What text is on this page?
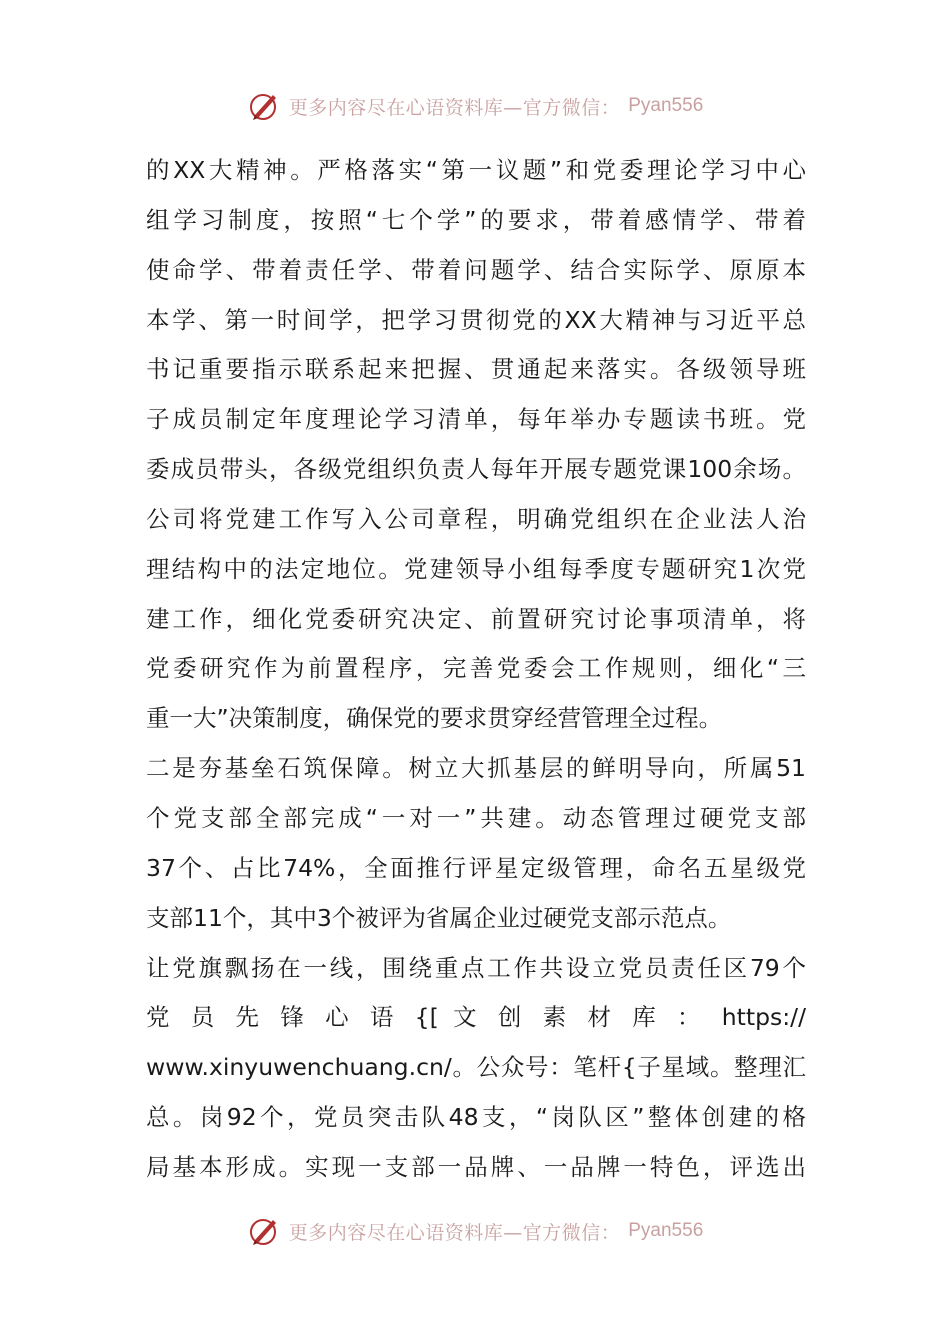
更多内容尽在心语资料库—官方微信： Pyan556
的XX大精神。严格落实“第一议题”和党委理论学习中心
组学习制度，按照“七个学”的要求，带着感情学、带着
使命学、带着责任学、带着问题学、结合实际学、原原本
本学、第一时间学，把学习贯彻党的XX大精神与习近平总
书记重要指示联系起来把握、贯通起来落实。各级领导班
子成员制定年度理论学习清单，每年举办专题读书班。党
委成员带头，各级党组织负责人每年开展专题党课100余场。
公司将党建工作写入公司章程，明确党组织在企业法人治
理结构中的法定地位。党建领导小组每季度专题研究1次党
建工作，细化党委研究决定、前置研究讨论事项清单，将
党委研究作为前置程序，完善党委会工作规则，细化“三
重一大”决策制度，确保党的要求贯穿经营管理全过程。
二是夯基垒石筑保障。树立大抓基层的鲜明导向，所属51
个党支部全部完成“一对一”共建。动态管理过硬党支部
37个、占比74%，全面推行评星定级管理，命名五星级党
支部11个，其中3个被评为省属企业过硬党支部示范点。
让党旗飘扬在一线，围绕重点工作共设立党员责任区79个
党 员 先 锋 心 语 {[ 文 创 素 材 库 ： https://
www.xinyuwenchuang.cn/。公众号：笔杆{子星域。整理汇
总。岗92个，党员突击队48支，“岗队区”整体创建的格
局基本形成。实现一支部一品牌、一品牌一特色，评选出
更多内容尽在心语资料库—官方微信： Pyan556
